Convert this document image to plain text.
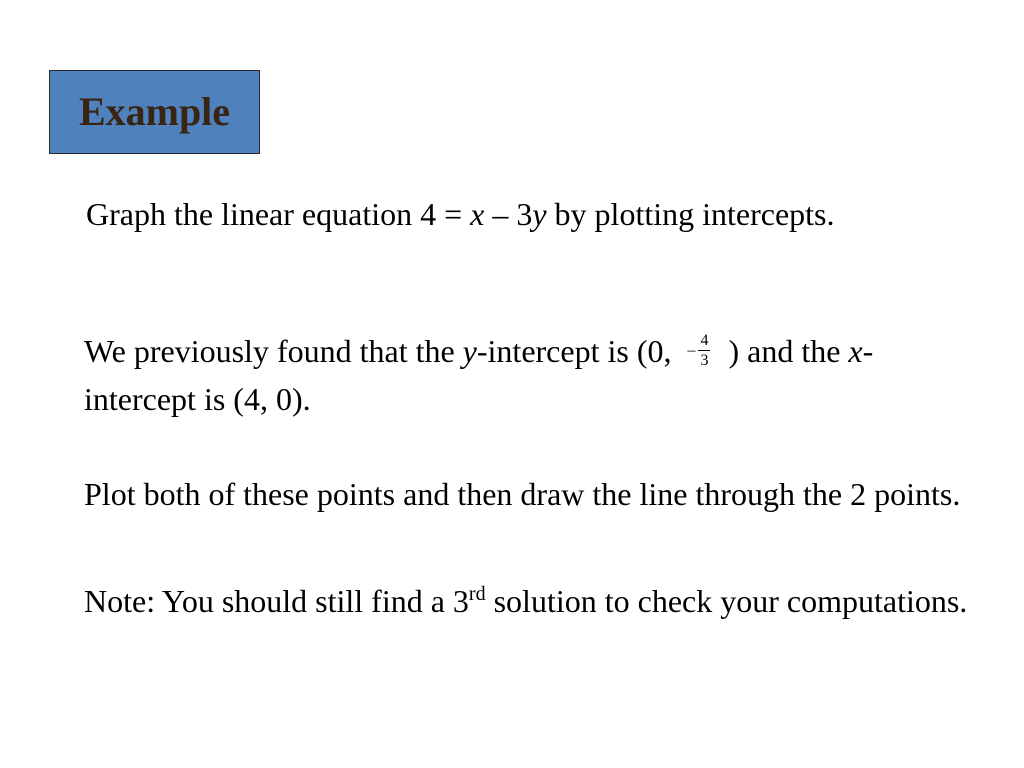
Example

Graph the linear equation 4 = x – 3y by plotting intercepts.

We previously found that the y-intercept is (0, – $\frac{4}{3}$ ) and the x-intercept is (4, 0).

Plot both of these points and then draw the line through the 2 points.

Note: You should still find a 3rd solution to check your computations.
